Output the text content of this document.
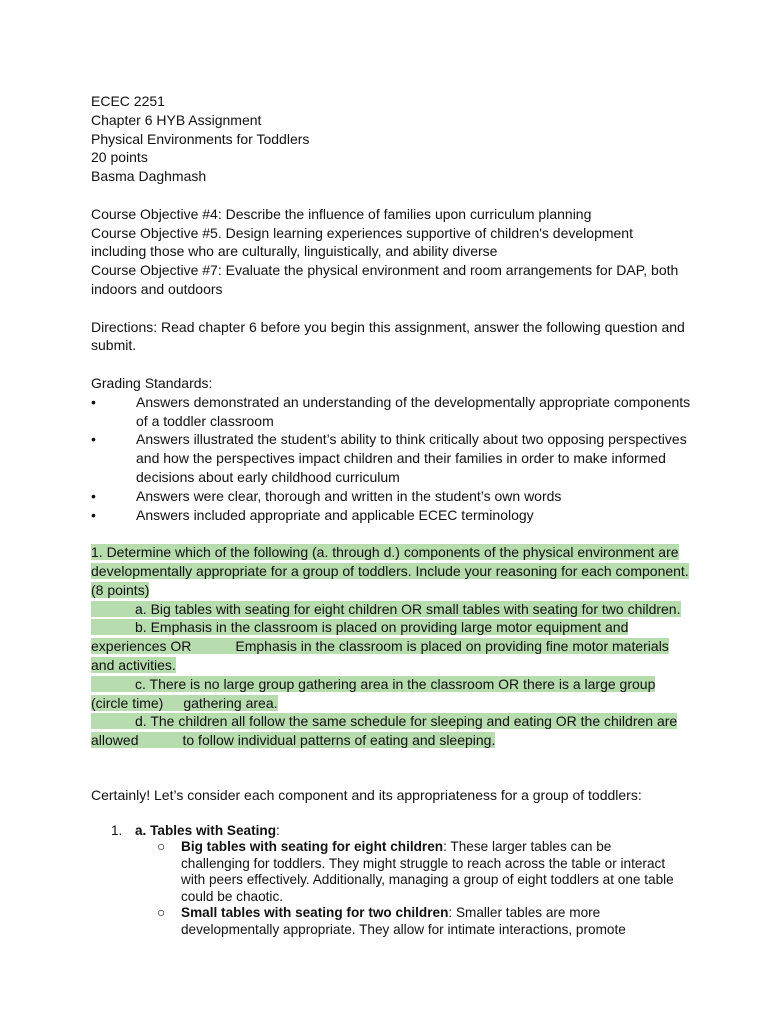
ECEC 2251

Chapter 6 HYB Assignment

Physical Environments for Toddlers

20 points

Basma Daghmash

Course Objective #4: Describe the influence of families upon curriculum planning

Course Objective #5. Design learning experiences supportive of children's development including those who are culturally, linguistically, and ability diverse

Course Objective #7: Evaluate the physical environment and room arrangements for DAP, both indoors and outdoors

Directions: Read chapter 6 before you begin this assignment, answer the following question and submit.

Grading Standards:

•	Answers demonstrated an understanding of the developmentally appropriate components of a toddler classroom
•	Answers illustrated the student’s ability to think critically about two opposing perspectives and how the perspectives impact children and their families in order to make informed decisions about early childhood curriculum
•	Answers were clear, thorough and written in the student’s own words
•	Answers included appropriate and applicable ECEC terminology

1. Determine which of the following (a. through d.) components of the physical environment are developmentally appropriate for a group of toddlers. Include your reasoning for each component. (8 points)

a. Big tables with seating for eight children OR small tables with seating for two children.

b. Emphasis in the classroom is placed on providing large motor equipment and

experiences OR	Emphasis in the classroom is placed on providing fine motor materials

and activities.

c. There is no large group gathering area in the classroom OR there is a large group

(circle time) gathering area.

d. The children all follow the same schedule for sleeping and eating OR the children are

allowed	to follow individual patterns of eating and sleeping.

Certainly! Let’s consider each component and its appropriateness for a group of toddlers:

1. a. Tables with Seating:
○	Big tables with seating for eight children: These larger tables can be challenging for toddlers. They might struggle to reach across the table or interact with peers effectively. Additionally, managing a group of eight toddlers at one table could be chaotic.
○	Small tables with seating for two children: Smaller tables are more developmentally appropriate. They allow for intimate interactions, promote
